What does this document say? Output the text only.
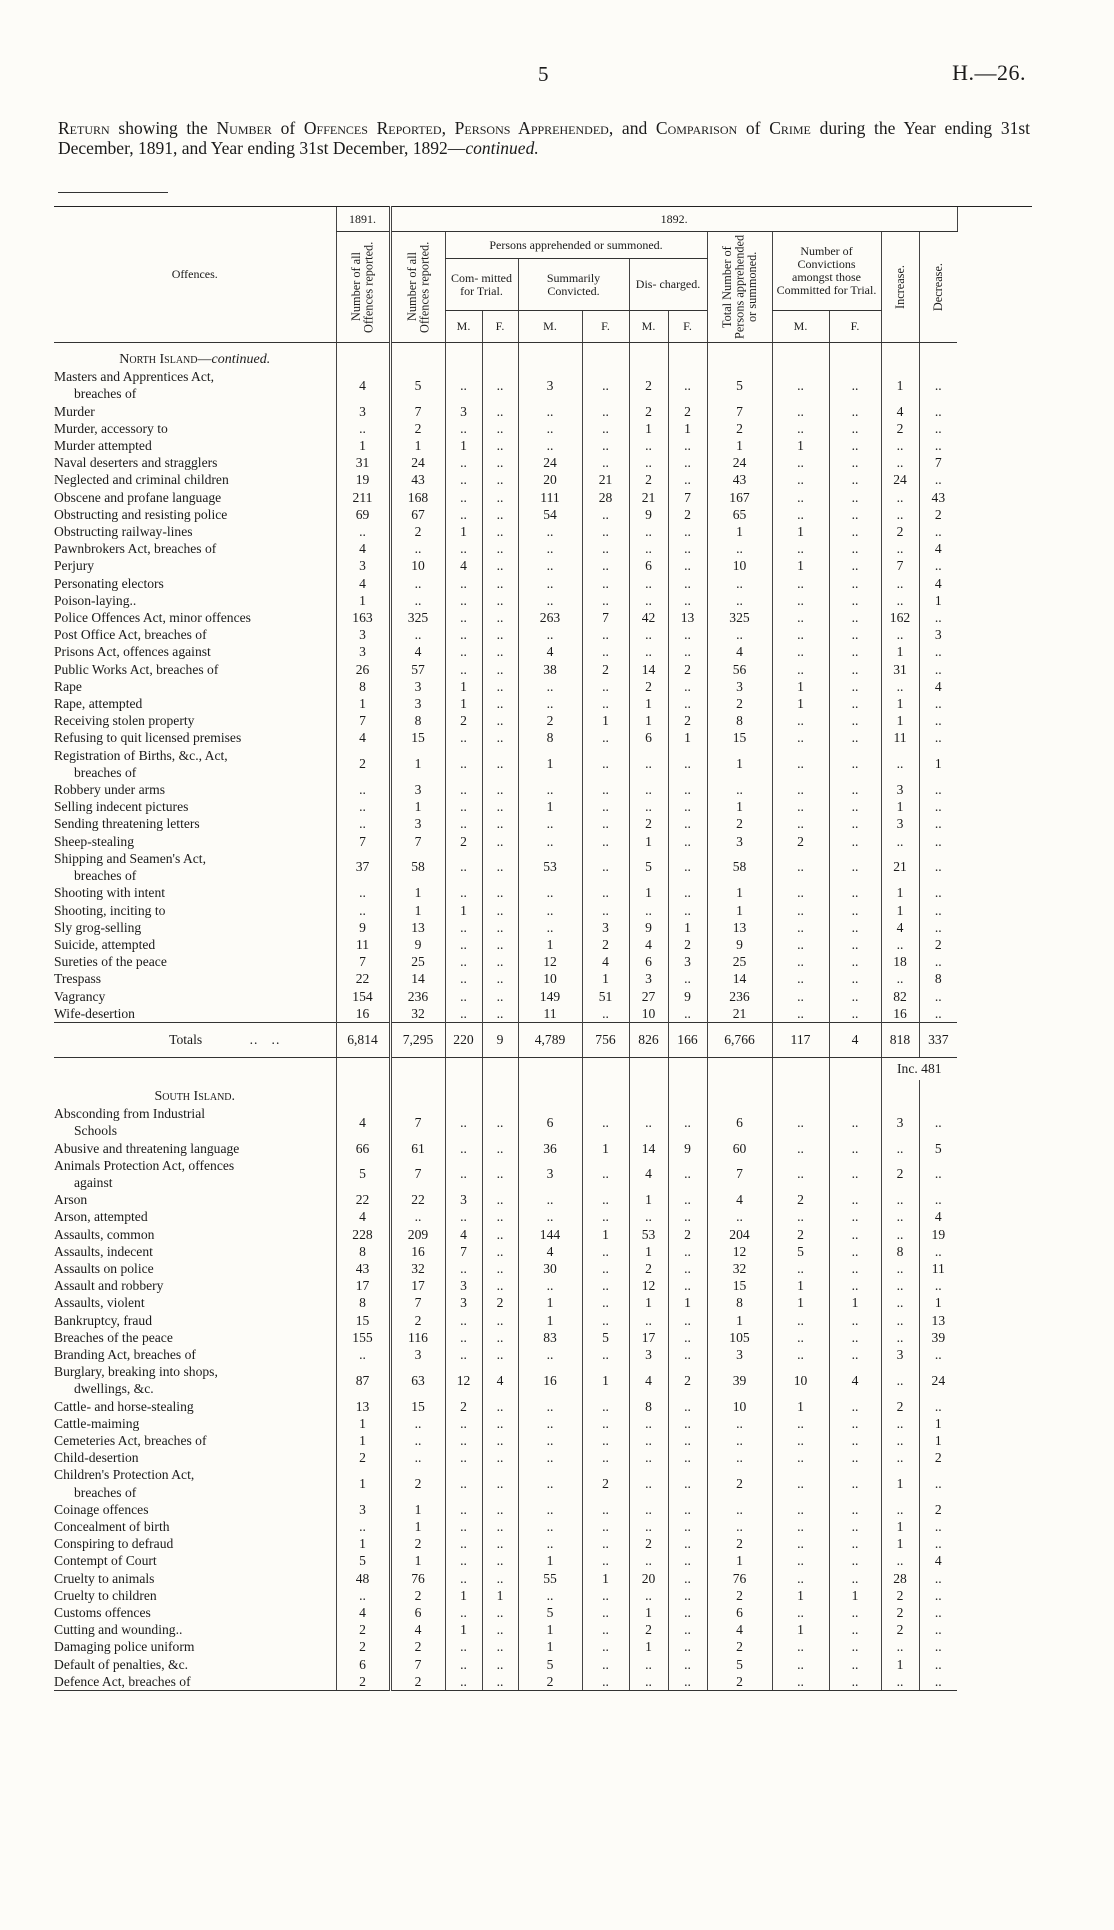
5	H.—26.
Return showing the Number of Offences Reported, Persons Apprehended, and Comparison of Crime during the Year ending 31st December, 1891, and Year ending 31st December, 1892—continued.
Offences.	1891.	1892.												

	Number of all Offences reported.	Number of all Offences reported.	Persons apprehended or summoned.						Total Number of Persons apprehended or summoned.	Number of Convictions amongst those Committed for Trial.		Increase.	Decrease.	

			Com- mitted for Trial.		Summarily Convicted.		Dis- charged.							
			M.	F.	M.	F.	M.	F.		M.	F.			
North Island—continued.														

Masters and Apprentices Act,
breaches of	4	5	..	..	3	..	2	..	5	..	..	1	..	

Murder	3	7	3	..	..	..	2	2	7	..	..	4	..	

Murder, accessory to	..	2	..	..	..	..	1	1	2	..	..	2	..	

Murder attempted	1	1	1	..	..	..	..	..	1	1	..	..	..	

Naval deserters and stragglers	31	24	..	..	24	..	..	..	24	..	..	..	7	

Neglected and criminal children	19	43	..	..	20	21	2	..	43	..	..	24	..	

Obscene and profane language	211	168	..	..	111	28	21	7	167	..	..	..	43	

Obstructing and resisting police	69	67	..	..	54	..	9	2	65	..	..	..	2	

Obstructing railway-lines	..	2	1	..	..	..	..	..	1	1	..	2	..	

Pawnbrokers Act, breaches of	4	..	..	..	..	..	..	..	..	..	..	..	4	

Perjury	3	10	4	..	..	..	6	..	10	1	..	7	..	

Personating electors	4	..	..	..	..	..	..	..	..	..	..	..	4	

Poison-laying..	1	..	..	..	..	..	..	..	..	..	..	..	1	

Police Offences Act, minor offences	163	325	..	..	263	7	42	13	325	..	..	162	..	

Post Office Act, breaches of	3	..	..	..	..	..	..	..	..	..	..	..	3	

Prisons Act, offences against	3	4	..	..	4	..	..	..	4	..	..	1	..	

Public Works Act, breaches of	26	57	..	..	38	2	14	2	56	..	..	31	..	

Rape	8	3	1	..	..	..	2	..	3	1	..	..	4	

Rape, attempted	1	3	1	..	..	..	1	..	2	1	..	1	..	

Receiving stolen property	7	8	2	..	2	1	1	2	8	..	..	1	..	

Refusing to quit licensed premises	4	15	..	..	8	..	6	1	15	..	..	11	..	

Registration of Births, &c., Act,
breaches of	2	1	..	..	1	..	..	..	1	..	..	..	1	

Robbery under arms	..	3	..	..	..	..	..	..	..	..	..	3	..	

Selling indecent pictures	..	1	..	..	1	..	..	..	1	..	..	1	..	

Sending threatening letters	..	3	..	..	..	..	2	..	2	..	..	3	..	

Sheep-stealing	7	7	2	..	..	..	1	..	3	2	..	..	..	

Shipping and Seamen's Act,
breaches of	37	58	..	..	53	..	5	..	58	..	..	21	..	

Shooting with intent	..	1	..	..	..	..	1	..	1	..	..	1	..	

Shooting, inciting to	..	1	1	..	..	..	..	..	1	..	..	1	..	

Sly grog-selling	9	13	..	..	..	3	9	1	13	..	..	4	..	

Suicide, attempted	11	9	..	..	1	2	4	2	9	..	..	..	2	

Sureties of the peace	7	25	..	..	12	4	6	3	25	..	..	18	..	

Trespass	22	14	..	..	10	1	3	..	14	..	..	..	8	

Vagrancy	154	236	..	..	149	51	27	9	236	..	..	82	..	

Wife-desertion	16	32	..	..	11	..	10	..	21	..	..	16	..	
Totals ..   ..	6,814	7,295	220	9	4,789	756	826	166	6,766	117	4	818	337	
												Inc. 481		
South Island.														

Absconding from Industrial
Schools	4	7	..	..	6	..	..	..	6	..	..	3	..	

Abusive and threatening language	66	61	..	..	36	1	14	9	60	..	..	..	5	

Animals Protection Act, offences
against	5	7	..	..	3	..	4	..	7	..	..	2	..	

Arson	22	22	3	..	..	..	1	..	4	2	..	..	..	

Arson, attempted	4	..	..	..	..	..	..	..	..	..	..	..	4	

Assaults, common	228	209	4	..	144	1	53	2	204	2	..	..	19	

Assaults, indecent	8	16	7	..	4	..	1	..	12	5	..	8	..	

Assaults on police	43	32	..	..	30	..	2	..	32	..	..	..	11	

Assault and robbery	17	17	3	..	..	..	12	..	15	1	..	..	..	

Assaults, violent	8	7	3	2	1	..	1	1	8	1	1	..	1	

Bankruptcy, fraud	15	2	..	..	1	..	..	..	1	..	..	..	13	

Breaches of the peace	155	116	..	..	83	5	17	..	105	..	..	..	39	

Branding Act, breaches of	..	3	..	..	..	..	3	..	3	..	..	3	..	

Burglary, breaking into shops,
dwellings, &c.	87	63	12	4	16	1	4	2	39	10	4	..	24	

Cattle- and horse-stealing	13	15	2	..	..	..	8	..	10	1	..	2	..	

Cattle-maiming	1	..	..	..	..	..	..	..	..	..	..	..	1	

Cemeteries Act, breaches of	1	..	..	..	..	..	..	..	..	..	..	..	1	

Child-desertion	2	..	..	..	..	..	..	..	..	..	..	..	2	

Children's Protection Act,
breaches of	1	2	..	..	..	2	..	..	2	..	..	1	..	

Coinage offences	3	1	..	..	..	..	..	..	..	..	..	..	2	

Concealment of birth	..	1	..	..	..	..	..	..	..	..	..	1	..	

Conspiring to defraud	1	2	..	..	..	..	2	..	2	..	..	1	..	

Contempt of Court	5	1	..	..	1	..	..	..	1	..	..	..	4	

Cruelty to animals	48	76	..	..	55	1	20	..	76	..	..	28	..	

Cruelty to children	..	2	1	1	..	..	..	..	2	1	1	2	..	

Customs offences	4	6	..	..	5	..	1	..	6	..	..	2	..	

Cutting and wounding..	2	4	1	..	1	..	2	..	4	1	..	2	..	

Damaging police uniform	2	2	..	..	1	..	1	..	2	..	..	..	..	

Default of penalties, &c.	6	7	..	..	5	..	..	..	5	..	..	1	..	

Defence Act, breaches of	2	2	..	..	2	..	..	..	2	..	..	..	..	
